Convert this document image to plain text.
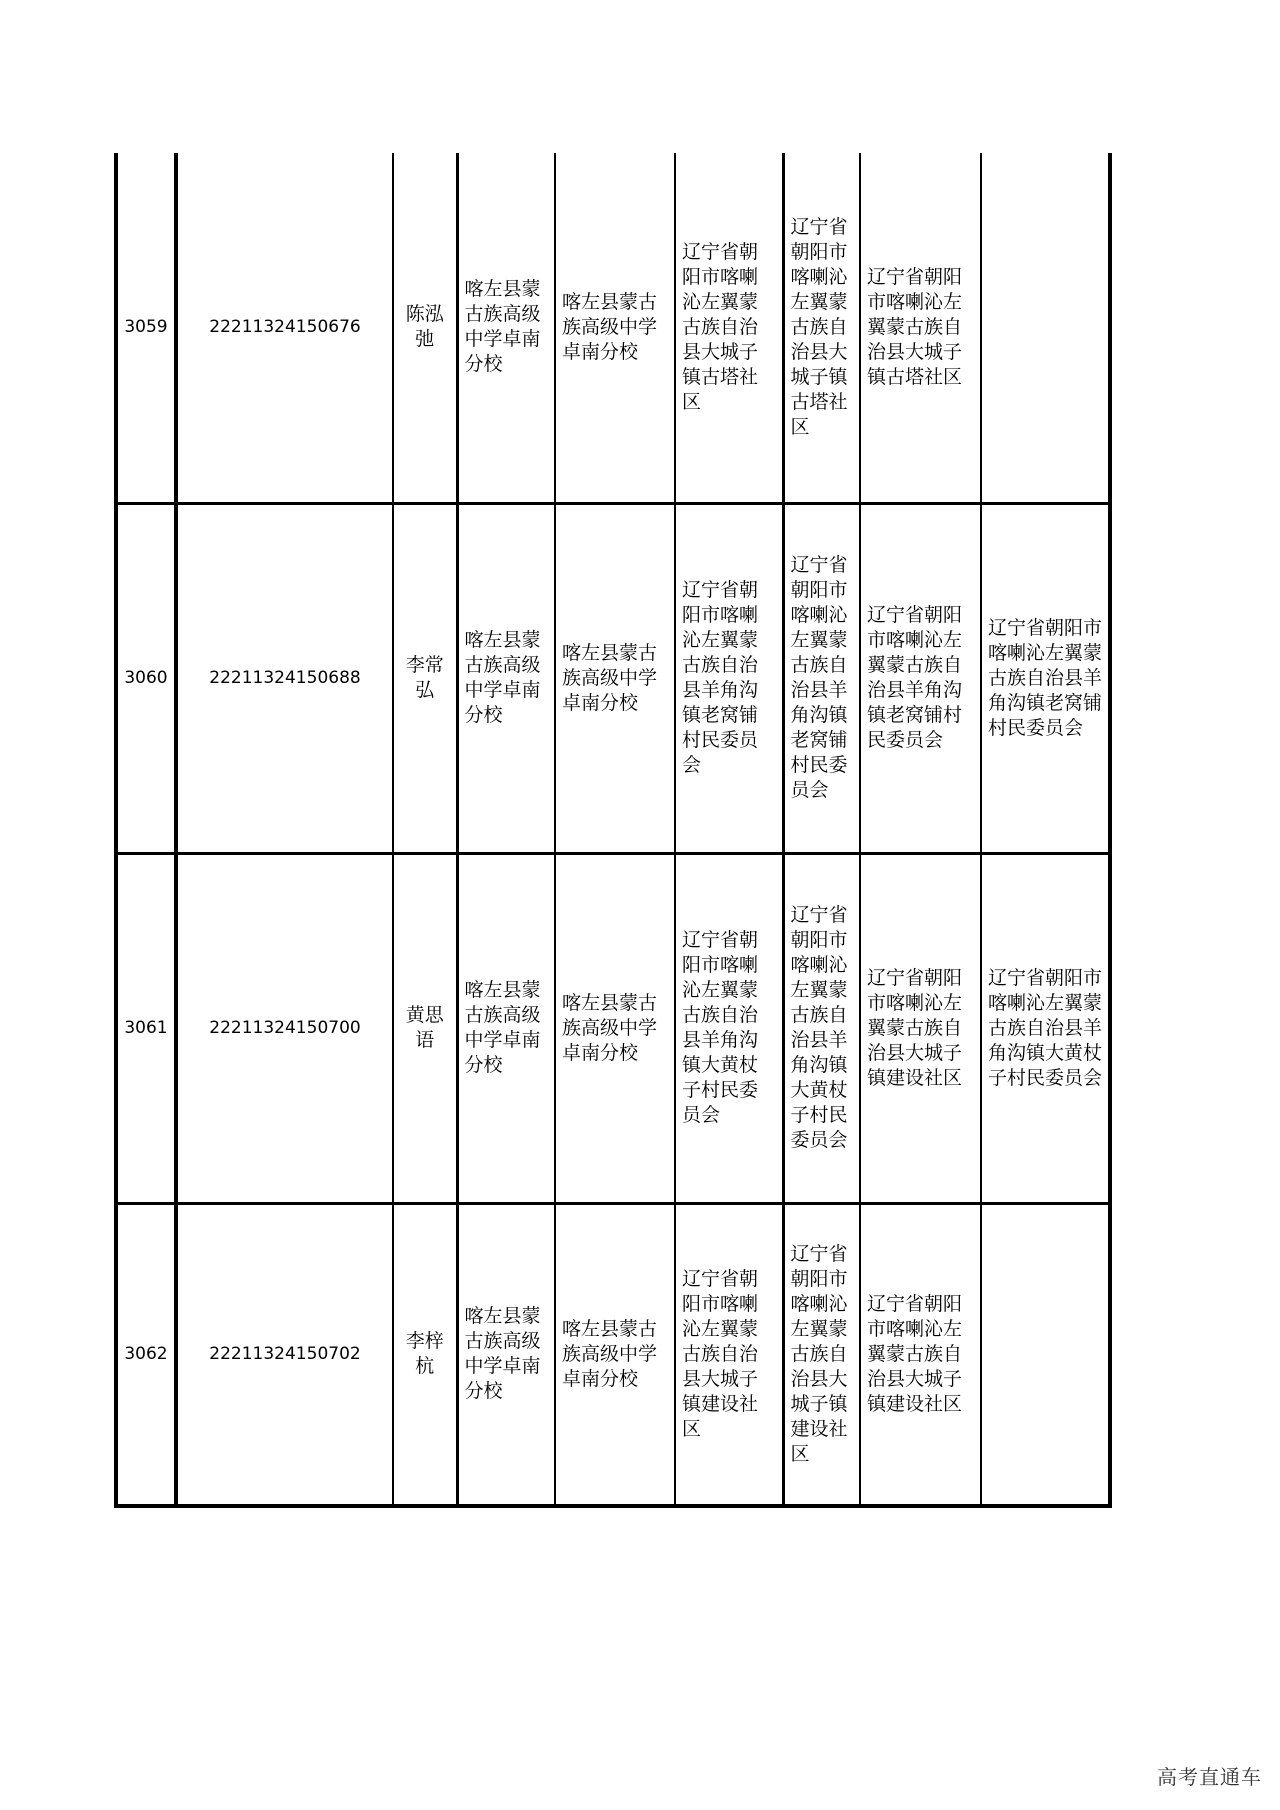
3059	22211324150676	陈泓弛	喀左县蒙古族高级中学卓南分校	喀左县蒙古族高级中学卓南分校	辽宁省朝阳市喀喇沁左翼蒙古族自治县大城子镇古塔社区	辽宁省朝阳市喀喇沁左翼蒙古族自治县大城子镇古塔社区	辽宁省朝阳市喀喇沁左翼蒙古族自治县大城子镇古塔社区	
3060	22211324150688	李常弘	喀左县蒙古族高级中学卓南分校	喀左县蒙古族高级中学卓南分校	辽宁省朝阳市喀喇沁左翼蒙古族自治县羊角沟镇老窝铺村民委员会	辽宁省朝阳市喀喇沁左翼蒙古族自治县羊角沟镇老窝铺村民委员会	辽宁省朝阳市喀喇沁左翼蒙古族自治县羊角沟镇老窝铺村民委员会	辽宁省朝阳市喀喇沁左翼蒙古族自治县羊角沟镇老窝铺村民委员会
3061	22211324150700	黄思语	喀左县蒙古族高级中学卓南分校	喀左县蒙古族高级中学卓南分校	辽宁省朝阳市喀喇沁左翼蒙古族自治县羊角沟镇大黄杖子村民委员会	辽宁省朝阳市喀喇沁左翼蒙古族自治县羊角沟镇大黄杖子村民委员会	辽宁省朝阳市喀喇沁左翼蒙古族自治县大城子镇建设社区	辽宁省朝阳市喀喇沁左翼蒙古族自治县羊角沟镇大黄杖子村民委员会
3062	22211324150702	李梓杭	喀左县蒙古族高级中学卓南分校	喀左县蒙古族高级中学卓南分校	辽宁省朝阳市喀喇沁左翼蒙古族自治县大城子镇建设社区	辽宁省朝阳市喀喇沁左翼蒙古族自治县大城子镇建设社区	辽宁省朝阳市喀喇沁左翼蒙古族自治县大城子镇建设社区	
高考直通车
